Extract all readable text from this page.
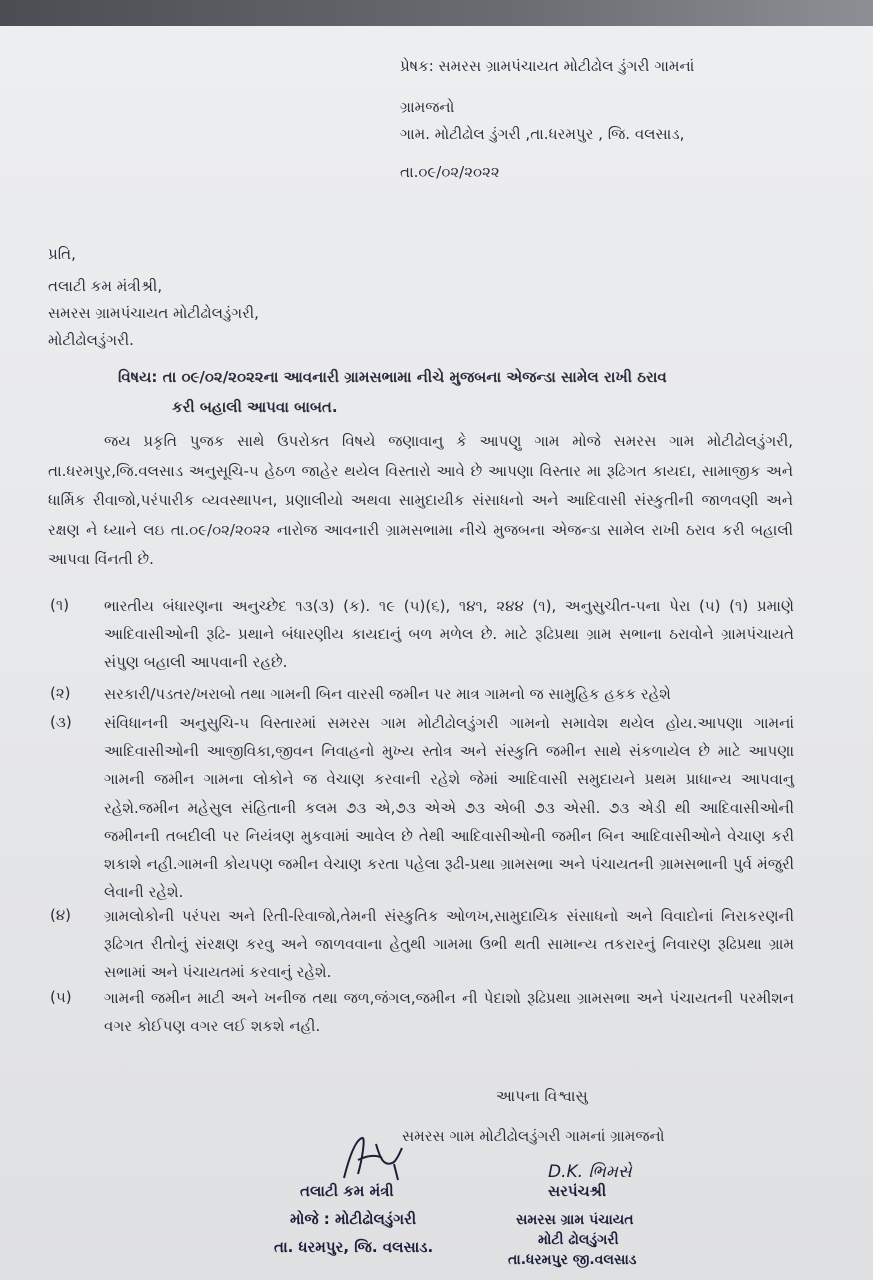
પ્રેષક: સમરસ ગ્રામપંચાયત મોટીઢોલ ડુંગરી ગામનાં
ગ્રામજનો
ગામ. મોટીઢોલ ડુંગરી ,તા.ધરમપુર , જિ. વલસાડ,
તા.૦૯/૦૨/૨૦૨૨
પ્રતિ,
તલાટી કમ મંત્રીશ્રી,
સમરસ ગ્રામપંચાયત મોટીઢોલડુંગરી,
મોટીઢોલડુંગરી.
વિષય: તા ૦૯/૦૨/૨૦૨૨ના આવનારી ગ્રામસભામા નીચે મુજબના એજન્ડા સામેલ રાખી ઠરાવ
કરી બહાલી આપવા બાબત.
જય પ્રકૃતિ પુજક સાથે ઉપરોક્ત વિષયે જણાવાનુ કે આપણુ ગામ મોજે સમરસ ગામ મોટીઢોલડુંગરી, તા.ધરમપુર,જિ.વલસાડ અનુસૂચિ-૫ હેઠળ જાહેર થયેલ વિસ્તારો આવે છે આપણા વિસ્તાર મા રૂઢિગત કાયદા, સામાજીક અને ધાર્મિક રીવાજો,પરંપારીક વ્યવસ્થાપન, પ્રણાલીયો અથવા સામુદાયીક સંસાધનો અને આદિવાસી સંસ્કુતીની જાળવણી અને રક્ષણ ને ધ્યાને લઇ તા.૦૯/૦૨/૨૦૨૨ નારોજ આવનારી ગ્રામસભામા નીચે મુજબના એજન્ડા સામેલ રાખી ઠરાવ કરી બહાલી આપવા વિંનતી છે.
(૧) ભારતીય બંધારણના અનુચ્છેદ ૧૩(૩) (ક). ૧૯ (૫)(૬), ૧૪૧, ૨૪૪ (૧), અનુસુચીત-૫ના પેરા (૫) (૧) પ્રમાણે આદિવાસીઓની રૂઢિ- પ્રથાને બંધારણીય કાયદાનું બળ મળેલ છે. માટે રૂઢિપ્રથા ગ્રામ સભાના ઠરાવોને ગ્રામપંચાયતે સંપુણ બહાલી આપવાની રહછે.
(૨) સરકારી/પડતર/ખરાબો તથા ગામની બિન વારસી જમીન પર માત્ર ગામનો જ સામુહિક હકક રહેશે
(૩) સંવિધાનની અનુસુચિ-૫ વિસ્તારમાં સમરસ ગામ મોટીઢોલડુંગરી ગામનો સમાવેશ થયેલ હોય.આપણા ગામનાં આદિવાસીઓની આજીવિકા,જીવન નિવાહનો મુખ્ય સ્તોત્ર અને સંસ્કુતિ જમીન સાથે સંકળાયેલ છે માટે આપણા ગામની જમીન ગામના લોકોને જ વેચાણ કરવાની રહેશે જેમાં આદિવાસી સમુદાયને પ્રથમ પ્રાધાન્ય આપવાનુ રહેશે.જમીન મહેસુલ સંહિતાની કલમ ૭૩ એ,૭૩ એએ ૭૩ એબી ૭૩ એસી. ૭૩ એડી થી આદિવાસીઓની જમીનની તબદીલી પર નિયંત્રણ મુકવામાં આવેલ છે તેથી આદિવાસીઓની જમીન બિન આદિવાસીઓને વેચાણ કરી શકાશે નહી.ગામની કોયપણ જમીન વેચાણ કરતા પહેલા રૂઢી-પ્રથા ગ્રામસભા અને પંચાયતની ગ્રામસભાની પુર્વ મંજુરી લેવાની રહેશે.
(૪) ગ્રામલોકોની પરંપરા અને રિતી-રિવાજો,તેમની સંસ્કુતિક ઓળખ,સામુદાયિક સંસાધનો અને વિવાદોનાં નિરાકરણની રૂઢિગત રીતોનું સંરક્ષણ કરવુ અને જાળવવાના હેતુથી ગામમા ઉભી થતી સામાન્ય તકરારનું નિવારણ રૂઢિપ્રથા ગ્રામ સભામાં અને પંચાયતમાં કરવાનું રહેશે.
(૫) ગામની જમીન માટી અને ખનીજ તથા જળ,જંગલ,જમીન ની પેદાશો રૂઢિપ્રથા ગ્રામસભા અને પંચાયતની પરમીશન વગર કોઈપણ વગર લઈ શકશે નહી.
આપના વિશ્વાસુ
સમરસ ગામ મોટીઢોલડુંગરી ગામનાં ગ્રામજનો
તલાટી કમ મંત્રી
મોજે : મોટીઢોલડુંગરી
તા. ધરમપુર, જિ. વલસાડ.
D.K. ભિમસે
સરપંચશ્રી
સમરસ ગ્રામ પંચાયત
મોટી ઢોલડુંગરી
તા.ધરમપુર જી.વલસાડ
